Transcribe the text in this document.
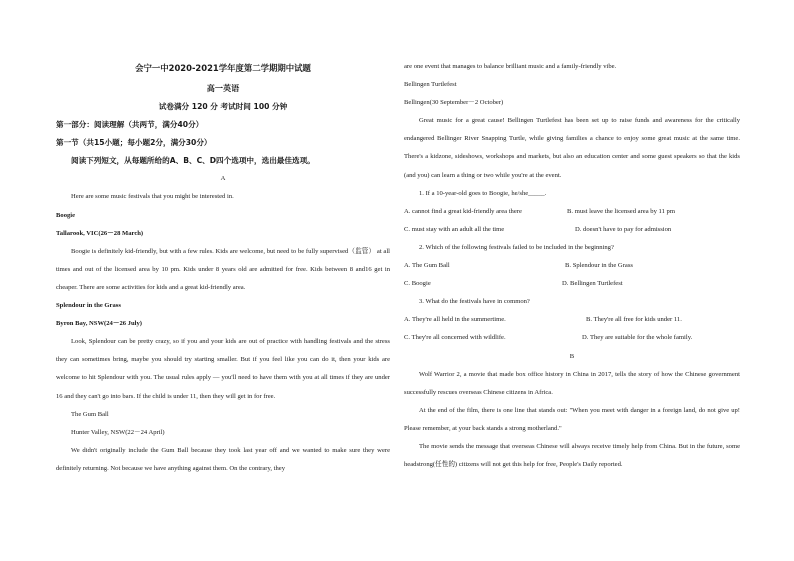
会宁一中2020-2021学年度第二学期期中试题

高一英语

试卷满分 120 分 考试时间 100 分钟

第一部分：阅读理解（共两节，满分40分）

第一节（共15小题；每小题2分，满分30分）

阅读下列短文，从每题所给的A、B、C、D四个选项中，选出最佳选项。

A

Here are some music festivals that you might be interested in.

Boogie

Tallarook, VIC(26－28 March)

Boogie is definitely kid-friendly, but with a few rules. Kids are welcome, but need to be fully supervised（监管） at all times and out of the licensed area by 10 pm. Kids under 8 years old are admitted for free. Kids between 8 and16 get in cheaper. There are some activities for kids and a great kid-friendly area.

Splendour in the Grass

Byron Bay, NSW(24－26 July)

Look, Splendour can be pretty crazy, so if you and your kids are out of practice with handling festivals and the stress they can sometimes bring, maybe you should try starting smaller. But if you feel like you can do it, then your kids are welcome to hit Splendour with you. The usual rules apply — you'll need to have them with you at all times if they are under 16 and they can't go into bars. If the child is under 11, then they will get in for free.

The Gum Ball

Hunter Valley, NSW(22－24 April)

We didn't originally include the Gum Ball because they took last year off and we wanted to make sure they were definitely returning. Not because we have anything against them. On the contrary, they

are one event that manages to balance brilliant music and a family-friendly vibe.

Bellingen Turtlefest

Bellingen(30 September－2 October)

Great music for a great cause! Bellingen Turtlefest has been set up to raise funds and awareness for the critically endangered Bellinger River Snapping Turtle, while giving families a chance to enjoy some great music at the same time. There's a kidzone, sideshows, workshops and markets, but also an education center and some guest speakers so that the kids (and you) can learn a thing or two while you're at the event.

1. If a 10-year-old goes to Boogie, he/she_____.

A. cannot find a great kid-friendly area there	B. must leave the licensed area by 11 pm
C. must stay with an adult all the time	D. doesn't have to pay for admission

2. Which of the following festivals failed to be included in the beginning?

A. The Gum Ball	B. Splendour in the Grass
C. Boogie	D. Bellingen Turtlefest

3. What do the festivals have in common?

A. They're all held in the summertime.	B. They're all free for kids under 11.
C. They're all concerned with wildlife.	D. They are suitable for the whole family.

B

Wolf Warrior 2, a movie that made box office history in China in 2017, tells the story of how the Chinese government successfully rescues overseas Chinese citizens in Africa.

At the end of the film, there is one line that stands out: "When you meet with danger in a foreign land, do not give up! Please remember, at your back stands a strong motherland."

The movie sends the message that overseas Chinese will always receive timely help from China. But in the future, some headstrong(任性的) citizens will not get this help for free, People's Daily reported.
